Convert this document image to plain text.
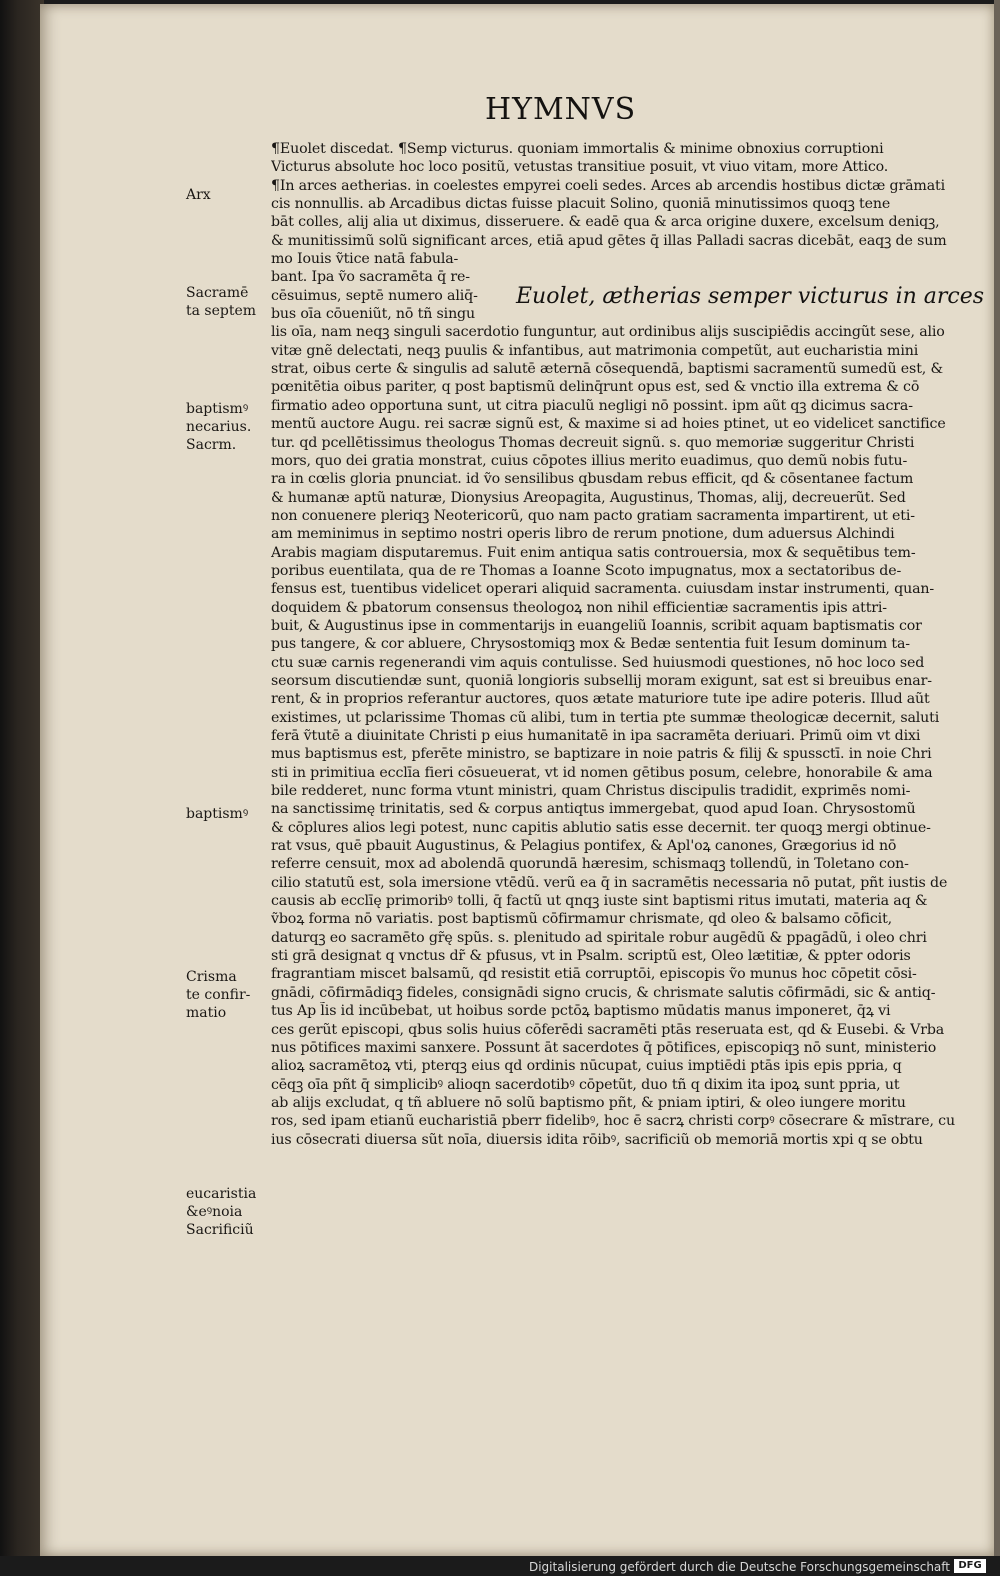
HYMNVS
Euolet, ætherias semper victurus in arces
¶Euolet discedat. ¶Semp victurus. quoniam immortalis & minime obnoxius corruptioni
Victurus absolute hoc loco positũ, vetustas transitiue posuit, vt viuo vitam, more Attico.
¶In arces aetherias. in coelestes empyrei coeli sedes. Arces ab arcendis hostibus dictæ grāmati
cis nonnullis. ab Arcadibus dictas fuisse placuit Solino, quoniā minutissimos quoqꝫ tene
bāt colles, alij alia ut diximus, disseruere. & eadē qua & arca origine duxere, excelsum deniqꝫ,
& munitissimũ solũ significant arces, etiā apud gētes q̄ illas Palladi sacras dicebāt, eaqꝫ de sum
mo Iouis ṽtice natā fabula-
bant. Ipa ṽo sacramēta q̄ re-
cēsuimus, septē numero aliq̄-
bus oīa cōueniũt, nō tñ singu
lis oīa, nam neqꝫ singuli sacerdotio funguntur, aut ordinibus alijs suscipiēdis accingũt sese, alio
vitæ gnẽ delectati, neqꝫ puulis & infantibus, aut matrimonia competũt, aut eucharistia mini
strat, oibus certe & singulis ad salutē æternā cōsequendā, baptismi sacramentũ sumedũ est, &
pœnitētia oibus pariter, q post baptismũ delinq̄runt opus est, sed & vnctio illa extrema & cō
firmatio adeo opportuna sunt, ut citra piaculũ negligi nō possint. ipm aũt qꝫ dicimus sacra-
mentũ auctore Augu. rei sacræ signũ est, & maxime si ad hoies ptinet, ut eo videlicet sanctifice
tur. qd pcellētissimus theologus Thomas decreuit signũ. s. quo memoriæ suggeritur Christi
mors, quo dei gratia monstrat, cuius cōpotes illius merito euadimus, quo demũ nobis futu-
ra in cœlis gloria pnunciat. id ṽo sensilibus qbusdam rebus efficit, qd & cōsentanee factum
& humanæ aptũ naturæ, Dionysius Areopagita, Augustinus, Thomas, alij, decreuerũt. Sed
non conuenere pleriqꝫ Neotericorũ, quo nam pacto gratiam sacramenta impartirent, ut eti-
am meminimus in septimo nostri operis libro de rerum pnotione, dum aduersus Alchindi
Arabis magiam disputaremus. Fuit enim antiqua satis controuersia, mox & sequētibus tem-
poribus euentilata, qua de re Thomas a Ioanne Scoto impugnatus, mox a sectatoribus de-
fensus est, tuentibus videlicet operari aliquid sacramenta. cuiusdam instar instrumenti, quan-
doquidem & pbatorum consensus theologoꝝ non nihil efficientiæ sacramentis ipis attri-
buit, & Augustinus ipse in commentarijs in euangeliũ Ioannis, scribit aquam baptismatis cor
pus tangere, & cor abluere, Chrysostomiqꝫ mox & Bedæ sententia fuit Iesum dominum ta-
ctu suæ carnis regenerandi vim aquis contulisse. Sed huiusmodi questiones, nō hoc loco sed
seorsum discutiendæ sunt, quoniā longioris subsellij moram exigunt, sat est si breuibus enar-
rent, & in proprios referantur auctores, quos ætate maturiore tute ipe adire poteris. Illud aũt
existimes, ut pclarissime Thomas cũ alibi, tum in tertia pte summæ theologicæ decernit, saluti
ferā ṽtutē a diuinitate Christi p eius humanitatē in ipa sacramēta deriuari. Primũ oim vt dixi
mus baptismus est, pferēte ministro, se baptizare in noie patris & filij & spussctī. in noie Chri
sti in primitiua ecclīa fieri cōsueuerat, vt id nomen gētibus posum, celebre, honorabile & ama
bile redderet, nunc forma vtunt ministri, quam Christus discipulis tradidit, exprimēs nomi-
na sanctissimę trinitatis, sed & corpus antiqtus immergebat, quod apud Ioan. Chrysostomũ
& cōplures alios legi potest, nunc capitis ablutio satis esse decernit. ter quoqꝫ mergi obtinue-
rat vsus, quē pbauit Augustinus, & Pelagius pontifex, & Apl'oꝝ canones, Grægorius id nō
referre censuit, mox ad abolendā quorundā hæresim, schismaqꝫ tollendũ, in Toletano con-
cilio statutũ est, sola imersione vtēdũ. verũ ea q̄ in sacramētis necessaria nō putat, pñt iustis de
causis ab ecclīę primoribꝰ tolli, q̄ factũ ut qnqꝫ iuste sint baptismi ritus imutati, materia aq &
ṽboꝝ forma nō variatis. post baptismũ cōfirmamur chrismate, qd oleo & balsamo cōficit,
daturqꝫ eo sacramēto gr̃ę spũs. s. plenitudo ad spiritale robur augēdũ & ppagādũ, i oleo chri
sti grā designat q vnctus dr̃ & pfusus, vt in Psalm. scriptũ est, Oleo lætitiæ, & ppter odoris
fragrantiam miscet balsamũ, qd resistit etiā corruptōi, episcopis ṽo munus hoc cōpetit cōsi-
gnādi, cōfirmādiqꝫ fideles, consignādi signo crucis, & chrismate salutis cōfirmādi, sic & antiq-
tus Ap l̃is id incūbebat, ut hoibus sorde pctōꝝ baptismo mūdatis manus imponeret, q̄ꝝ vi
ces gerũt episcopi, qbus solis huius cōferēdi sacramēti ptās reseruata est, qd & Eusebi. & Vrba
nus pōtifices maximi sanxere. Possunt āt sacerdotes q̄ pōtifices, episcopiqꝫ nō sunt, ministerio
alioꝝ sacramētoꝝ vti, pterqꝫ eius qd ordinis nūcupat, cuius imptiēdi ptās ipis epis ppria, q
cēqꝫ oīa pñt q̄ simplicibꝰ alioqn sacerdotibꝰ cōpetũt, duo tñ q dixim ita ipoꝝ sunt ppria, ut
ab alijs excludat, q tñ abluere nō solũ baptismo pñt, & pniam iptiri, & oleo iungere moritu
ros, sed ipam etianũ eucharistiā pberr fidelibꝰ, hoc ē sacrꝝ christi corpꝰ cōsecrare & mīstrare, cu
ius cōsecrati diuersa sũt noīa, diuersis idita rōibꝰ, sacrificiũ ob memoriā mortis xpi q se obtu
Arx
Sacramē
ta septem
baptismꝰ
necarius.
Sacrm.
baptismꝰ
Crisma
te confir-
matio
eucaristia
&eꝰnoia
Sacrificiũ
Digitalisierung gefördert durch die Deutsche Forschungsgemeinschaft DFG
